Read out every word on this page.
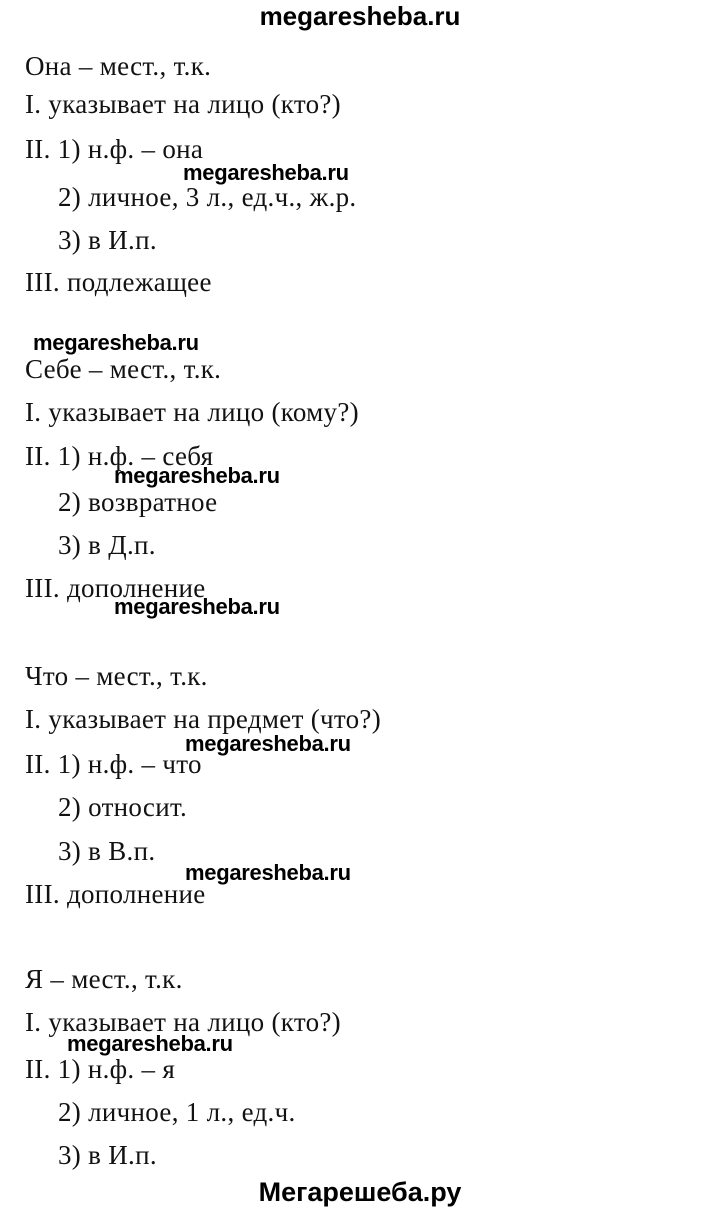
megaresheba.ru
Она – мест., т.к.
I. указывает на лицо (кто?)
II. 1) н.ф. – она
megaresheba.ru
2) личное, 3 л., ед.ч., ж.р.
3) в И.п.
III. подлежащее
megaresheba.ru
Себе – мест., т.к.
I. указывает на лицо (кому?)
II. 1) н.ф. – себя
megaresheba.ru
2) возвратное
3) в Д.п.
III. дополнение
megaresheba.ru
Что – мест., т.к.
I. указывает на предмет (что?)
megaresheba.ru
II. 1) н.ф. – что
2) относит.
3) в В.п.
megaresheba.ru
III. дополнение
Я – мест., т.к.
I. указывает на лицо (кто?)
megaresheba.ru
II. 1) н.ф. – я
2) личное, 1 л., ед.ч.
3) в И.п.
Мегарешеба.ру
